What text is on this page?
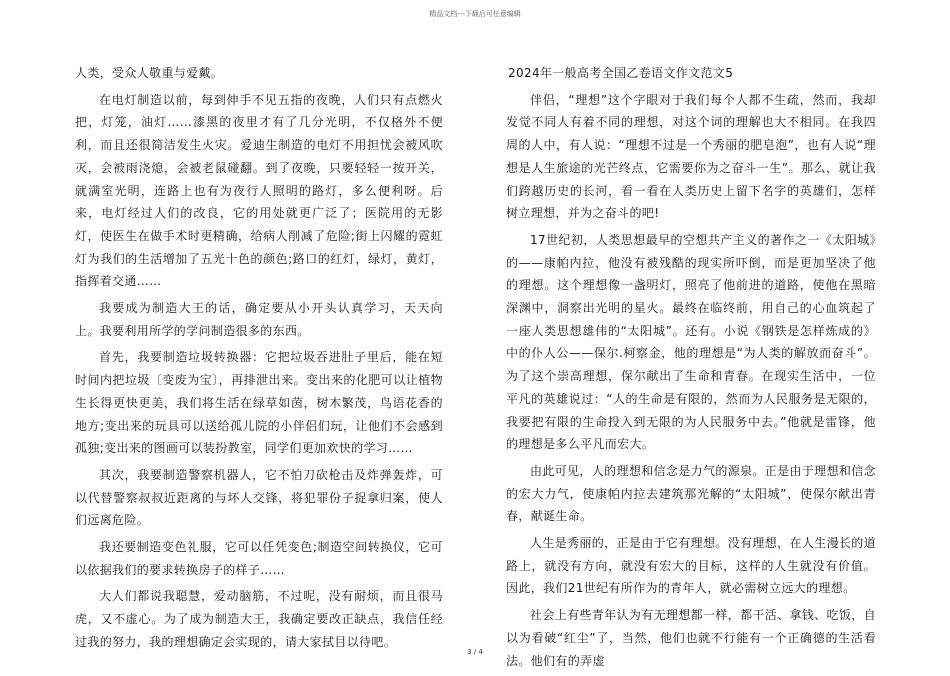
精品文档---下载后可任意编辑

人类，受众人敬重与爱戴。

在电灯制造以前，每到伸手不见五指的夜晚，人们只有点燃火把，灯笼，油灯……漆黑的夜里才有了几分光明，不仅格外不便利，而且还很简洁发生火灾。爱迪生制造的电灯不用担忧会被风吹灭，会被雨浇熄，会被老鼠碰翻。到了夜晚，只要轻轻一按开关，就满室光明，连路上也有为夜行人照明的路灯，多么便利呀。后来，电灯经过人们的改良，它的用处就更广泛了；医院用的无影灯，使医生在做手术时更精确，给病人削减了危险;街上闪耀的霓虹灯为我们的生活增加了五光十色的颜色;路口的红灯，绿灯，黄灯，指挥着交通……

我要成为制造大王的话，确定要从小开头认真学习，天天向上。我要利用所学的学问制造很多的东西。

首先，我要制造垃圾转换器：它把垃圾吞进肚子里后，能在短时间内把垃圾〔变废为宝〕，再排泄出来。变出来的化肥可以让植物生长得更快更美，我们将生活在绿草如茵，树木繁茂，鸟语花香的地方;变出来的玩具可以送给孤儿院的小伴侣们玩，让他们不会感到孤独;变出来的图画可以装扮教室，同学们更加欢快的学习……

其次，我要制造警察机器人，它不怕刀砍枪击及炸弹轰炸，可以代替警察叔叔近距离的与坏人交锋，将犯罪份子捉拿归案，使人们远离危险。

我还要制造变色礼服，它可以任凭变色;制造空间转换仪，它可以依据我们的要求转换房子的样子……

大人们都说我聪慧，爱动脑筋，不过呢，没有耐烦，而且很马虎，又不虚心。为了成为制造大王，我确定要改正缺点，我信任经过我的努力，我的理想确定会实现的，请大家拭目以待吧。

2024年一般高考全国乙卷语文作文范文5

伴侣，“理想”这个字眼对于我们每个人都不生疏，然而，我却发觉不同人有着不同的理想，对这个词的理解也大不相同。在我四周的人中，有人说：“理想不过是一个秀丽的肥皂泡”，也有人说“理想是人生旅途的光芒终点，它需要你为之奋斗一生”。那么，就让我们跨越历史的长河，看一看在人类历史上留下名字的英雄们，怎样树立理想，并为之奋斗的吧!

17世纪初，人类思想最早的空想共产主义的著作之一《太阳城》的——康帕内拉，他没有被残酷的现实所吓倒，而是更加坚决了他的理想。这个理想像一盏明灯，照亮了他前进的道路，使他在黑暗深渊中，洞察出光明的星火。最终在临终前，用自己的心血筑起了一座人类思想雄伟的“太阳城”。还有。小说《钢铁是怎样炼成的》中的仆人公——保尔.柯察金，他的理想是“为人类的解放而奋斗”。为了这个崇高理想，保尔献出了生命和青春。在现实生活中，一位平凡的英雄说过：“人的生命是有限的，然而为人民服务是无限的，我要把有限的生命投入到无限的为人民服务中去。”他就是雷锋，他的理想是多么平凡而宏大。

由此可见，人的理想和信念是力气的源泉。正是由于理想和信念的宏大力气，使康帕内拉去建筑那光解的“太阳城”，使保尔献出青春，献诞生命。

人生是秀丽的，正是由于它有理想。没有理想，在人生漫长的道路上，就没有方向，就没有宏大的目标，这样的人生就没有价值。因此，我们21世纪有所作为的青年人，就必需树立远大的理想。

社会上有些青年认为有无理想都一样，都干活、拿钱、吃饭，自以为看破“红尘”了，当然，他们也就不行能有一个正确德的生活看法。他们有的弄虚

3 / 4
